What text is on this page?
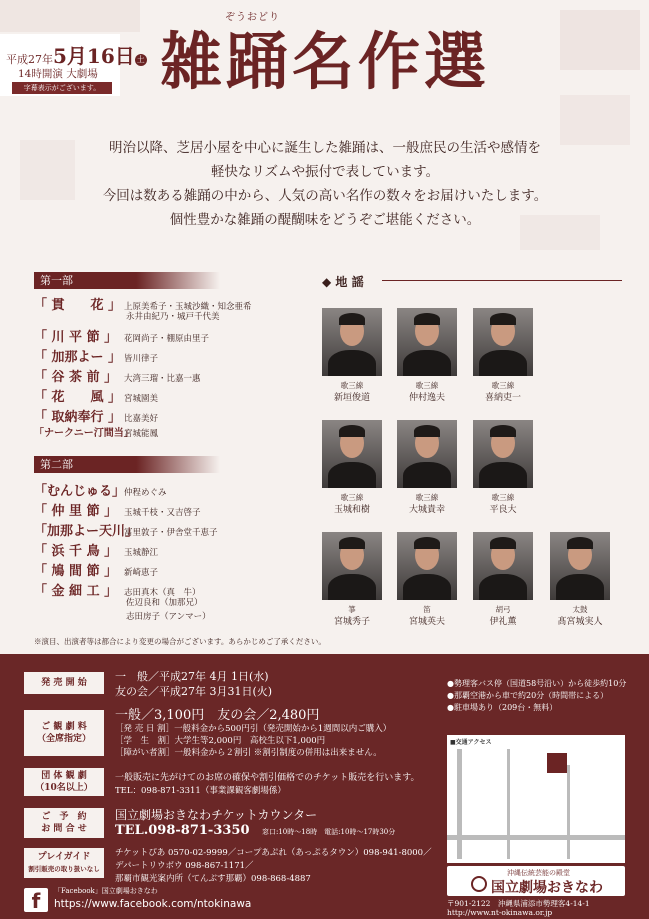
平成27年5月16日 土
14時開演 大劇場
字幕表示がございます。
ぞうおどり
雑踊名作選
明治以降、芝居小屋を中心に誕生した雑踊は、一般庶民の生活や感情を
軽快なリズムや振付で表しています。
今回は数ある雑踊の中から、人気の高い名作の数々をお届けいたします。
個性豊かな雑踊の醍醐味をどうぞご堪能ください。
第一部
「 貫　　花 」 上原美希子・玉城沙織・知念亜希
永井由紀乃・城戸千代美
「 川 平 節 」 花岡尚子・棚原由里子
「 加那よー 」 皆川律子
「 谷 茶 前 」 大湾三瑠・比嘉一惠
「 花　　風 」 宮城園美
「 取納奉行 」 比嘉美好
「ナークニー汀間当」宮城能鳳
第二部
「むんじゅる」仲程めぐみ
「 仲 里 節 」 玉城千枝・又吉啓子
「加那よー天川」冨里敦子・伊舎堂千恵子
「 浜 千 鳥 」 玉城静江
「 鳩 間 節 」 新崎恵子
「 金 細 工 」 志田真木（真　牛）
佐辺良和（加那兄）
志田房子（アンマー）
◆ 地 謡
歌三線
新垣俊道
歌三線
仲村逸夫
歌三線
喜納吏一
歌三線
玉城和樹
歌三線
大城貴幸
歌三線
平良大
箏
宮城秀子
笛
宮城英夫
胡弓
伊礼薫
太鼓
髙宮城実人
※演目、出演者等は都合により変更の場合がございます。あらかじめご了承ください。
発 売 開 始	一　般／平成27年 4月 1日(水)
友の会／平成27年 3月31日(火)
ご 観 劇 料
（全席指定）
一般／3,100円　友の会／2,480円
［発 売 日 割］一般料金から500円引（発売開始から1週間以内ご購入）
［学　生　割］大学生等2,000円　高校生以下1,000円
［障がい者割］一般料金から２割引 ※割引制度の併用は出来ません。
団 体 観 劇
（10名以上）
一般販売に先がけてのお席の確保や割引価格でのチケット販売を行います。
TEL：098-871-3311（事業課観客劇場係）
ご　予　約
お 問 合 せ
国立劇場おきなわチケットカウンター
TEL.098-871-3350 窓口:10時～18時　電話:10時～17時30分
プレイガイド
割引販売の取り扱いなし
チケットぴあ 0570-02-9999／コープあぷれ（あっぷるタウン）098-941-8000／
デパートリウボウ 098-867-1171／
那覇市観光案内所（てんぶす那覇）098-868-4887
「Facebook」国立劇場おきなわ
f	https://www.facebook.com/ntokinawa
●勢理客バス停（国道58号沿い）から徒歩約10分
●那覇空港から車で約20分（時間帯による）
●駐車場あり（209台・無料）
■交通アクセス
沖縄伝統芸能の殿堂
国立劇場おきなわ
〒901-2122　沖縄県浦添市勢理客4-14-1
http://www.nt-okinawa.or.jp
